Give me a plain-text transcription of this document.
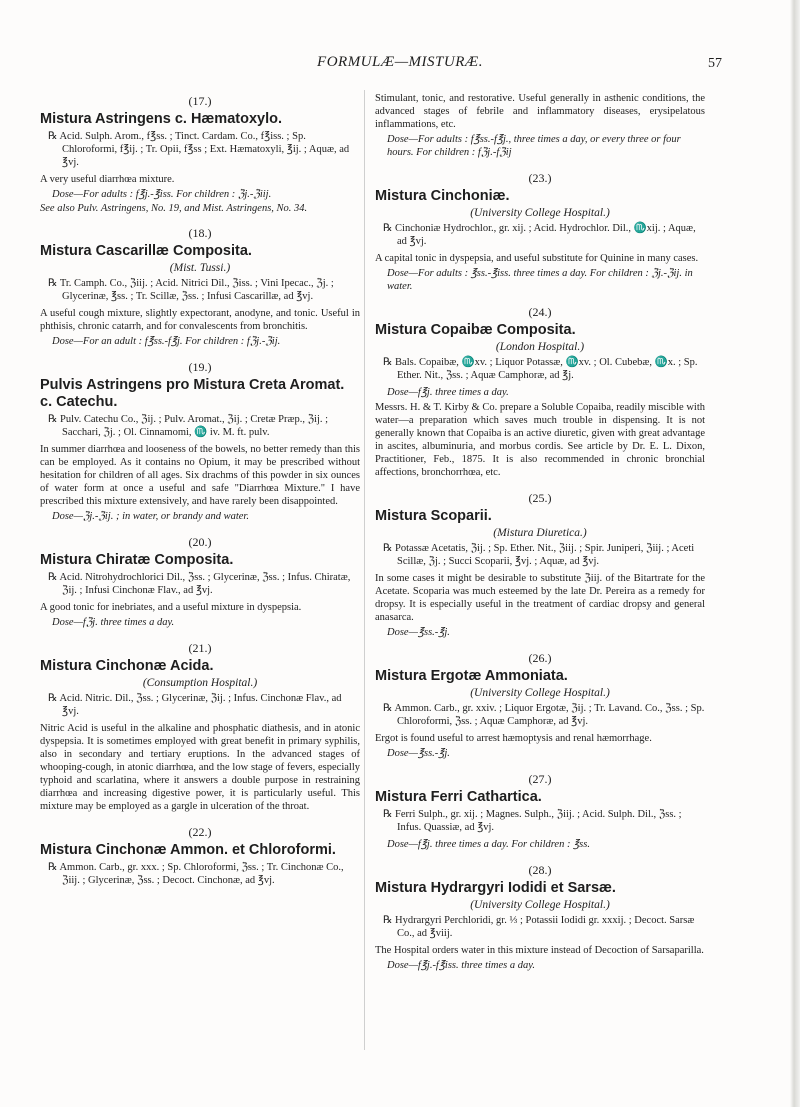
FORMULÆ—MISTURÆ.	57
(17.)
Mistura Astringens c. Hæmatoxylo.
℞ Acid. Sulph. Arom., f℥ss. ; Tinct. Cardam. Co., f℥iss. ; Sp. Chloroformi, f℥ij. ; Tr. Opii, f℥ss ; Ext. Hæmatoxyli, ℥ij. ; Aquæ, ad ℥vj.
A very useful diarrhœa mixture.
Dose—For adults : f℥j.-℥iss. For children : ℨj.-ℨiij.
See also Pulv. Astringens, No. 19, and Mist. Astringens, No. 34.
(18.)
Mistura Cascarillæ Composita.
(Mist. Tussi.)
℞ Tr. Camph. Co., ℨiij. ; Acid. Nitrici Dil., ℨiss. ; Vini Ipecac., ℨj. ; Glycerinæ, ℥ss. ; Tr. Scillæ, ℨss. ; Infusi Cascarillæ, ad ℥vj.
A useful cough mixture, slightly expectorant, anodyne, and tonic. Useful in phthisis, chronic catarrh, and for convalescents from bronchitis.
Dose—For an adult : f℥ss.-f℥j. For children : fℨj.-ℨij.
(19.)
Pulvis Astringens pro Mistura Creta Aromat. c. Catechu.
℞ Pulv. Catechu Co., ℨij. ; Pulv. Aromat., ℨij. ; Cretæ Præp., ℨij. ; Sacchari, ℨj. ; Ol. Cinnamomi, ♏ iv. M. ft. pulv.
In summer diarrhœa and looseness of the bowels, no better remedy than this can be employed. As it contains no Opium, it may be prescribed without hesitation for children of all ages. Six drachms of this powder in six ounces of water form at once a useful and safe "Diarrhœa Mixture." I have prescribed this mixture extensively, and have rarely been disappointed.
Dose—ℨj.-ℨij. ; in water, or brandy and water.
(20.)
Mistura Chiratæ Composita.
℞ Acid. Nitrohydrochlorici Dil., ℨss. ; Glycerinæ, ℨss. ; Infus. Chiratæ, ℨij. ; Infusi Cinchonæ Flav., ad ℥vj.
A good tonic for inebriates, and a useful mixture in dyspepsia.
Dose—fℨj. three times a day.
(21.)
Mistura Cinchonæ Acida.
(Consumption Hospital.)
℞ Acid. Nitric. Dil., ℨss. ; Glycerinæ, ℨij. ; Infus. Cinchonæ Flav., ad ℥vj.
Nitric Acid is useful in the alkaline and phosphatic diathesis, and in atonic dyspepsia. It is sometimes employed with great benefit in primary syphilis, also in secondary and tertiary eruptions. In the advanced stages of whooping-cough, in atonic diarrhœa, and the low stage of fevers, especially typhoid and scarlatina, where it answers a double purpose in restraining diarrhœa and increasing digestive power, it is particularly useful. This mixture may be employed as a gargle in ulceration of the throat.
(22.)
Mistura Cinchonæ Ammon. et Chloroformi.
℞ Ammon. Carb., gr. xxx. ; Sp. Chloroformi, ℨss. ; Tr. Cinchonæ Co., ℨiij. ; Glycerinæ, ℨss. ; Decoct. Cinchonæ, ad ℥vj.
Stimulant, tonic, and restorative. Useful generally in asthenic conditions, the advanced stages of febrile and inflammatory diseases, erysipelatous inflammations, etc.
Dose—For adults : f℥ss.-f℥j., three times a day, or every three or four hours. For children : fℨj.-fℨij
(23.)
Mistura Cinchoniæ.
(University College Hospital.)
℞ Cinchoniæ Hydrochlor., gr. xij. ; Acid. Hydrochlor. Dil., ♏xij. ; Aquæ, ad ℥vj.
A capital tonic in dyspepsia, and useful substitute for Quinine in many cases.
Dose—For adults : ℥ss.-℥iss. three times a day. For children : ℨj.-ℨij. in water.
(24.)
Mistura Copaibæ Composita.
(London Hospital.)
℞ Bals. Copaibæ, ♏xv. ; Liquor Potassæ, ♏xv. ; Ol. Cubebæ, ♏x. ; Sp. Ether. Nit., ℨss. ; Aquæ Camphoræ, ad ℥j.
Dose—f℥j. three times a day.
Messrs. H. & T. Kirby & Co. prepare a Soluble Copaiba, readily miscible with water—a preparation which saves much trouble in dispensing. It is not generally known that Copaiba is an active diuretic, given with great advantage in ascites, albuminuria, and morbus cordis. See article by Dr. E. L. Dixon, Practitioner, Feb., 1875. It is also recommended in chronic bronchial affections, bronchorrhœa, etc.
(25.)
Mistura Scoparii.
(Mistura Diuretica.)
℞ Potassæ Acetatis, ℨij. ; Sp. Ether. Nit., ℨiij. ; Spir. Juniperi, ℨiij. ; Aceti Scillæ, ℨj. ; Succi Scoparii, ℥vj. ; Aquæ, ad ℥vj.
In some cases it might be desirable to substitute ℨiij. of the Bitartrate for the Acetate. Scoparia was much esteemed by the late Dr. Pereira as a remedy for dropsy. It is especially useful in the treatment of cardiac dropsy and general anasarca.
Dose—℥ss.-℥j.
(26.)
Mistura Ergotæ Ammoniata.
(University College Hospital.)
℞ Ammon. Carb., gr. xxiv. ; Liquor Ergotæ, ℨij. ; Tr. Lavand. Co., ℨss. ; Sp. Chloroformi, ℨss. ; Aquæ Camphoræ, ad ℥vj.
Ergot is found useful to arrest hæmoptysis and renal hæmorrhage.
Dose—℥ss.-℥j.
(27.)
Mistura Ferri Cathartica.
℞ Ferri Sulph., gr. xij. ; Magnes. Sulph., ℨiij. ; Acid. Sulph. Dil., ℨss. ; Infus. Quassiæ, ad ℥vj.
Dose—f℥j. three times a day. For children : ℥ss.
(28.)
Mistura Hydrargyri Iodidi et Sarsæ.
(University College Hospital.)
℞ Hydrargyri Perchloridi, gr. ⅓ ; Potassii Iodidi gr. xxxij. ; Decoct. Sarsæ Co., ad ℥viij.
The Hospital orders water in this mixture instead of Decoction of Sarsaparilla.
Dose—f℥j.-f℥iss. three times a day.
